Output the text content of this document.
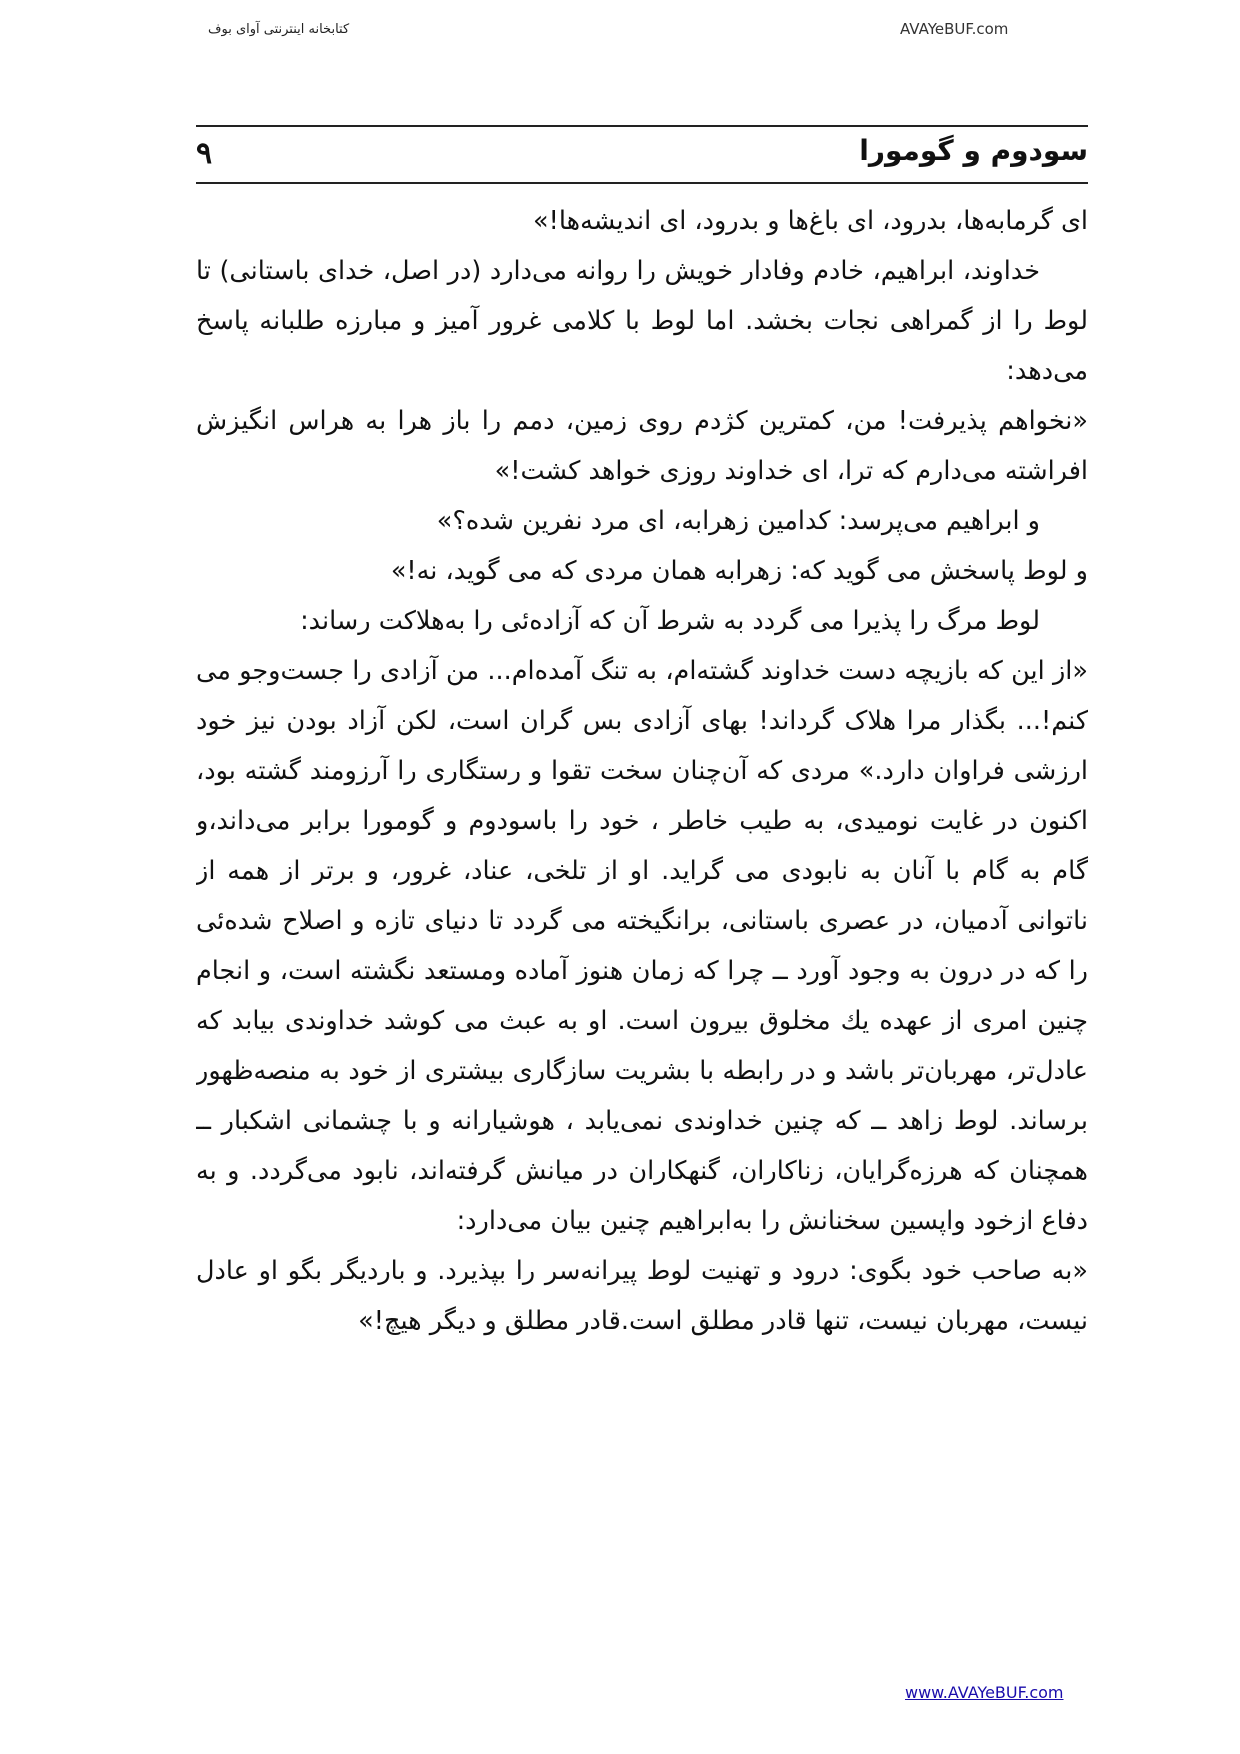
کتابخانه اینترنتی آوای بوف	AVAYeBUF.com
۹	سودوم و گومورا

ای گرمابه‌ها، بدرود، ای باغ‌ها و بدرود، ای اندیشه‌ها!»

خداوند، ابراهیم، خادم وفادار خویش را روانه می‌دارد (در اصل، خدای باستانی) تا لوط را از گمراهی نجات بخشد. اما لوط با کلامی غرور آمیز و مبارزه طلبانه پاسخ می‌دهد:

«نخواهم پذیرفت! من، کمترین کژدم روی زمین، دمم را باز هرا به هراس انگیزش افراشته‌ می‌دارم که ترا، ای خداوند روزی خواهد کشت!»

و ابراهیم می‌پرسد: کدامین زهرابه، ای مرد نفرین شده؟»

و لوط پاسخش می گوید که: زهرابه همان مردی که می گوید، نه!»

لوط مرگ را پذیرا می گردد به شرط آن که آزاده‌ئی را به‌هلاکت رساند:

«از این که بازیچه دست خداوند گشته‌ام، به تنگ آمده‌ام... من آزادی را جست‌وجو می کنم!... بگذار مرا هلاک گرداند! بهای آزادی بس گران است، لکن آزاد بودن نیز خود ارزشی فراوان دارد.» مردی که آن‌چنان سخت تقوا و رستگاری را آرزومند گشته بود، اکنون در غایت نومیدی، به طیب خاطر ، خود را باسودوم و گومورا برابر می‌داند،و گام به گام با آنان به نابودی می گراید. او از تلخی، عناد، غرور، و برتر از همه از ناتوانی آدمیان، در عصری باستانی، برانگیخته می گردد تا دنیای تازه و اصلاح شده‌ئی را که در درون به وجود آورد ــ چرا که زمان هنوز آماده ومستعد نگشته است، و انجام چنین امری از عهده یك مخلوق بیرون است. او به عبث می کوشد خداوندی بیابد که عادل‌تر، مهربان‌تر باشد و در رابطه با بشریت سازگاری بیشتری از خود به منصه‌ظهور برساند. لوط زاهد ــ که چنین خداوندی نمی‌یابد ، هوشیارانه و با چشمانی اشکبار ــ همچنان که هرزه‌گرایان، زناکاران، گنهکاران در میانش گرفته‌اند، نابود می‌گردد. و به دفاع ازخود واپسین سخنانش را به‌ابراهیم چنین بیان می‌دارد:

«به صاحب خود بگوی: درود و تهنیت لوط پیرانه‌سر را بپذیرد. و باردیگر بگو او عادل نیست، مهربان نیست، تنها قادر مطلق است.قادر مطلق و دیگر هیچ!»

www.AVAYeBUF.com
